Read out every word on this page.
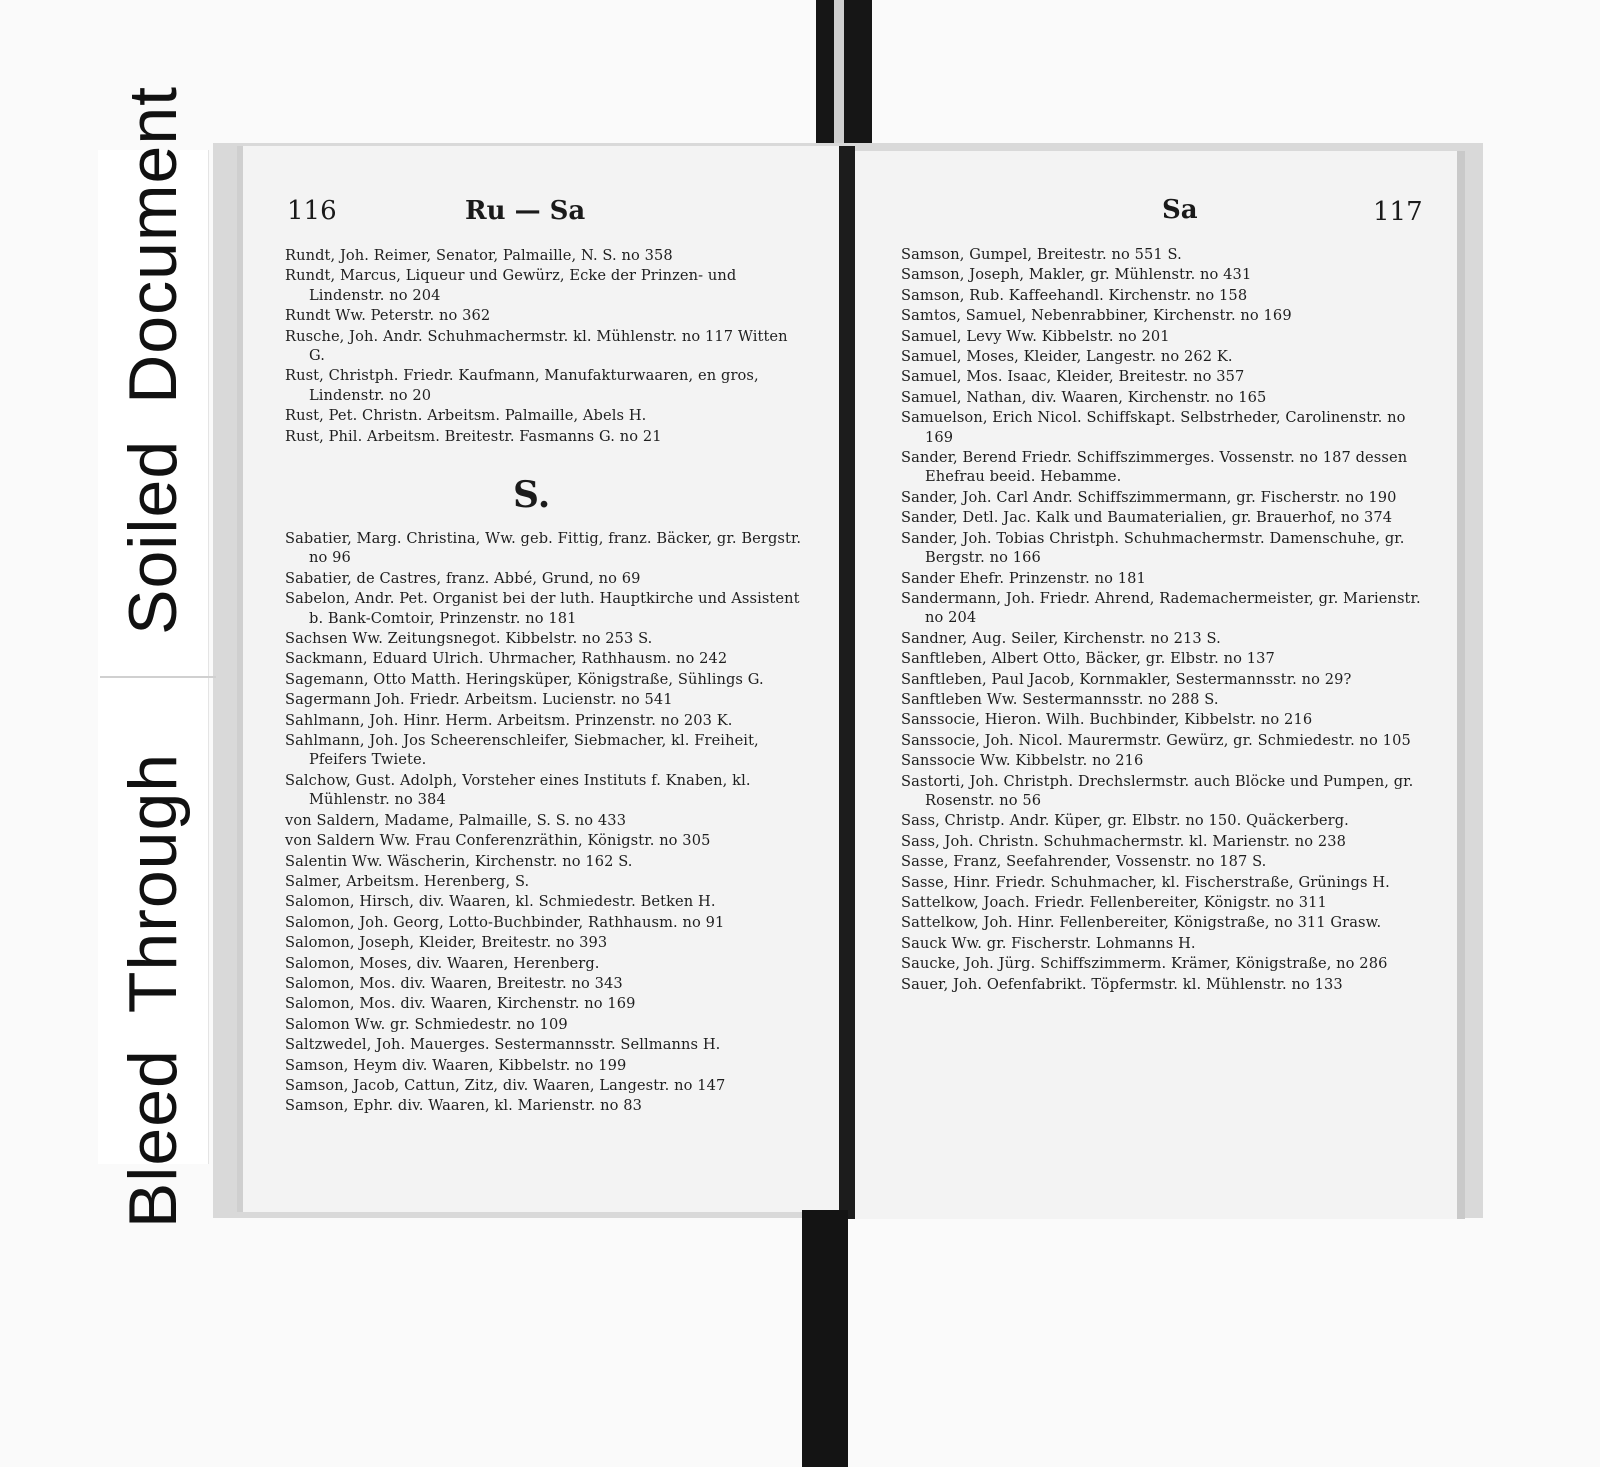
116	Ru — Sa
Rundt, Joh. Reimer, Senator, Palmaille, N. S. no 358
Rundt, Marcus, Liqueur und Gewürz, Ecke der Prinzen- und Lindenstr. no 204
Rundt Ww. Peterstr. no 362
Rusche, Joh. Andr. Schuhmachermstr. kl. Mühlenstr. no 117 Witten G.
Rust, Christph. Friedr. Kaufmann, Manufakturwaaren, en gros, Lindenstr. no 20
Rust, Pet. Christn. Arbeitsm. Palmaille, Abels H.
Rust, Phil. Arbeitsm. Breitestr. Fasmanns G. no 21
S.
Sabatier, Marg. Christina, Ww. geb. Fittig, franz. Bäcker, gr. Bergstr. no 96
Sabatier, de Castres, franz. Abbé, Grund, no 69
Sabelon, Andr. Pet. Organist bei der luth. Hauptkirche und Assistent b. Bank-Comtoir, Prinzenstr. no 181
Sachsen Ww. Zeitungsnegot. Kibbelstr. no 253 S.
Sackmann, Eduard Ulrich. Uhrmacher, Rathhausm. no 242
Sagemann, Otto Matth. Heringsküper, Königstraße, Sühlings G.
Sagermann Joh. Friedr. Arbeitsm. Lucienstr. no 541
Sahlmann, Joh. Hinr. Herm. Arbeitsm. Prinzenstr. no 203 K.
Sahlmann, Joh. Jos Scheerenschleifer, Siebmacher, kl. Freiheit, Pfeifers Twiete.
Salchow, Gust. Adolph, Vorsteher eines Instituts f. Knaben, kl. Mühlenstr. no 384
von Saldern, Madame, Palmaille, S. S. no 433
von Saldern Ww. Frau Conferenzräthin, Königstr. no 305
Salentin Ww. Wäscherin, Kirchenstr. no 162 S.
Salmer, Arbeitsm. Herenberg, S.
Salomon, Hirsch, div. Waaren, kl. Schmiedestr. Betken H.
Salomon, Joh. Georg, Lotto-Buchbinder, Rathhausm. no 91
Salomon, Joseph, Kleider, Breitestr. no 393
Salomon, Moses, div. Waaren, Herenberg.
Salomon, Mos. div. Waaren, Breitestr. no 343
Salomon, Mos. div. Waaren, Kirchenstr. no 169
Salomon Ww. gr. Schmiedestr. no 109
Saltzwedel, Joh. Mauerges. Sestermannsstr. Sellmanns H.
Samson, Heym div. Waaren, Kibbelstr. no 199
Samson, Jacob, Cattun, Zitz, div. Waaren, Langestr. no 147
Samson, Ephr. div. Waaren, kl. Marienstr. no 83
Sa	117
Samson, Gumpel, Breitestr. no 551 S.
Samson, Joseph, Makler, gr. Mühlenstr. no 431
Samson, Rub. Kaffeehandl. Kirchenstr. no 158
Samtos, Samuel, Nebenrabbiner, Kirchenstr. no 169
Samuel, Levy Ww. Kibbelstr. no 201
Samuel, Moses, Kleider, Langestr. no 262 K.
Samuel, Mos. Isaac, Kleider, Breitestr. no 357
Samuel, Nathan, div. Waaren, Kirchenstr. no 165
Samuelson, Erich Nicol. Schiffskapt. Selbstrheder, Carolinenstr. no 169
Sander, Berend Friedr. Schiffszimmerges. Vossenstr. no 187 dessen Ehefrau beeid. Hebamme.
Sander, Joh. Carl Andr. Schiffszimmermann, gr. Fischerstr. no 190
Sander, Detl. Jac. Kalk und Baumaterialien, gr. Brauerhof, no 374
Sander, Joh. Tobias Christph. Schuhmachermstr. Damenschuhe, gr. Bergstr. no 166
Sander Ehefr. Prinzenstr. no 181
Sandermann, Joh. Friedr. Ahrend, Rademachermeister, gr. Marienstr. no 204
Sandner, Aug. Seiler, Kirchenstr. no 213 S.
Sanftleben, Albert Otto, Bäcker, gr. Elbstr. no 137
Sanftleben, Paul Jacob, Kornmakler, Sestermannsstr. no 29?
Sanftleben Ww. Sestermannsstr. no 288 S.
Sanssocie, Hieron. Wilh. Buchbinder, Kibbelstr. no 216
Sanssocie, Joh. Nicol. Maurermstr. Gewürz, gr. Schmiedestr. no 105
Sanssocie Ww. Kibbelstr. no 216
Sastorti, Joh. Christph. Drechslermstr. auch Blöcke und Pumpen, gr. Rosenstr. no 56
Sass, Christp. Andr. Küper, gr. Elbstr. no 150. Quäckerberg.
Sass, Joh. Christn. Schuhmachermstr. kl. Marienstr. no 238
Sasse, Franz, Seefahrender, Vossenstr. no 187 S.
Sasse, Hinr. Friedr. Schuhmacher, kl. Fischerstraße, Grünings H.
Sattelkow, Joach. Friedr. Fellenbereiter, Königstr. no 311
Sattelkow, Joh. Hinr. Fellenbereiter, Königstraße, no 311 Grasw.
Sauck Ww. gr. Fischerstr. Lohmanns H.
Saucke, Joh. Jürg. Schiffszimmerm. Krämer, Königstraße, no 286
Sauer, Joh. Oefenfabrikt. Töpfermstr. kl. Mühlenstr. no 133
BleedThroughSoiledDocument
